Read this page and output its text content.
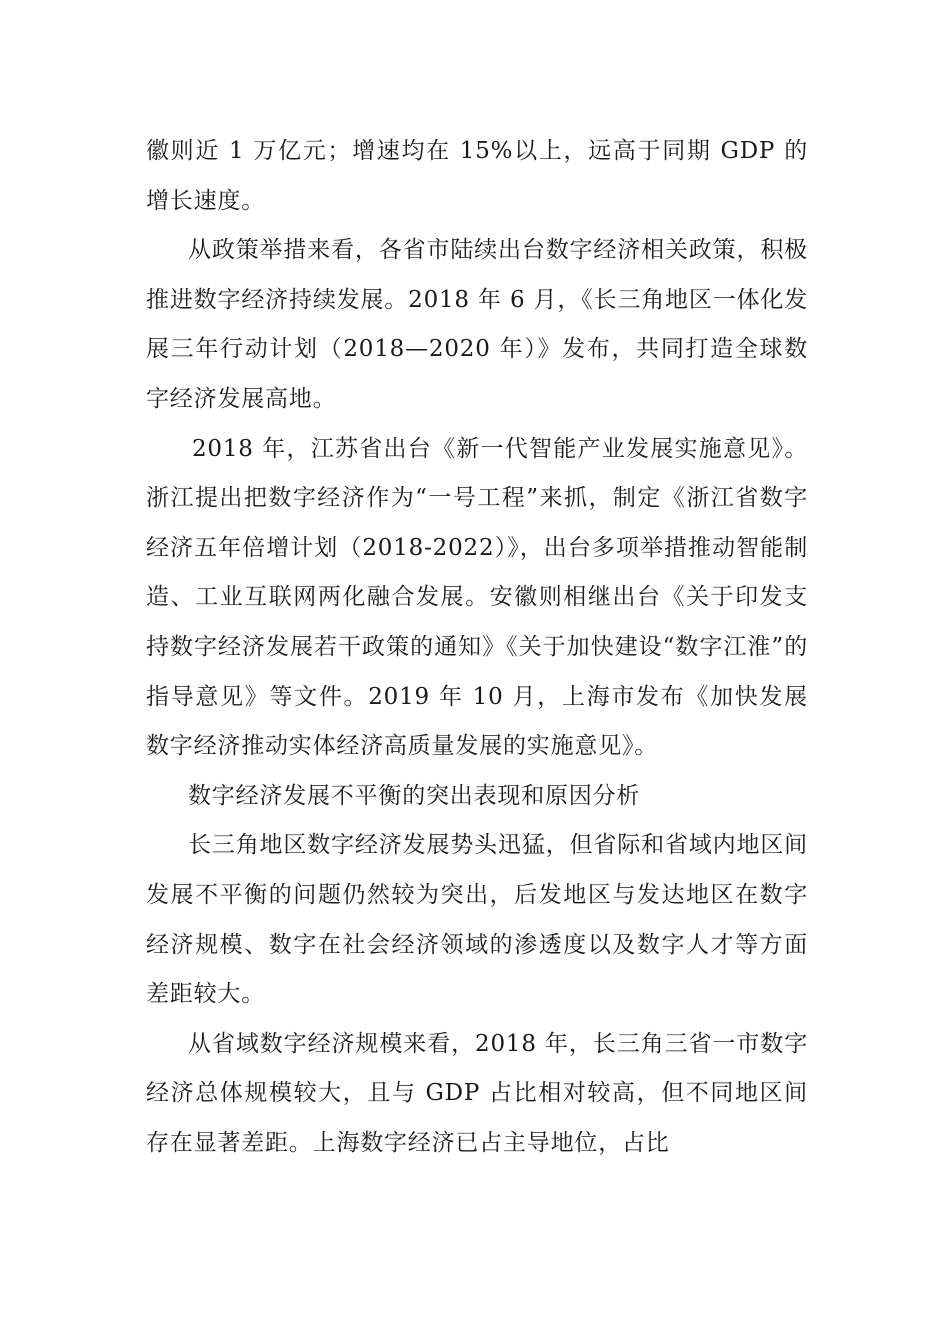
徽则近 1 万亿元；增速均在 15%以上，远高于同期 GDP 的增长速度。

从政策举措来看，各省市陆续出台数字经济相关政策，积极推进数字经济持续发展。2018 年 6 月，《长三角地区一体化发展三年行动计划（2018—2020 年）》发布，共同打造全球数字经济发展高地。

2018 年，江苏省出台《新一代智能产业发展实施意见》。浙江提出把数字经济作为“一号工程”来抓，制定《浙江省数字经济五年倍增计划（2018-2022）》，出台多项举措推动智能制造、工业互联网两化融合发展。安徽则相继出台《关于印发支持数字经济发展若干政策的通知》《关于加快建设“数字江淮”的指导意见》等文件。2019 年 10 月，上海市发布《加快发展数字经济推动实体经济高质量发展的实施意见》。

数字经济发展不平衡的突出表现和原因分析

长三角地区数字经济发展势头迅猛，但省际和省域内地区间发展不平衡的问题仍然较为突出，后发地区与发达地区在数字经济规模、数字在社会经济领域的渗透度以及数字人才等方面差距较大。

从省域数字经济规模来看，2018 年，长三角三省一市数字经济总体规模较大，且与 GDP 占比相对较高，但不同地区间存在显著差距。上海数字经济已占主导地位，占比
